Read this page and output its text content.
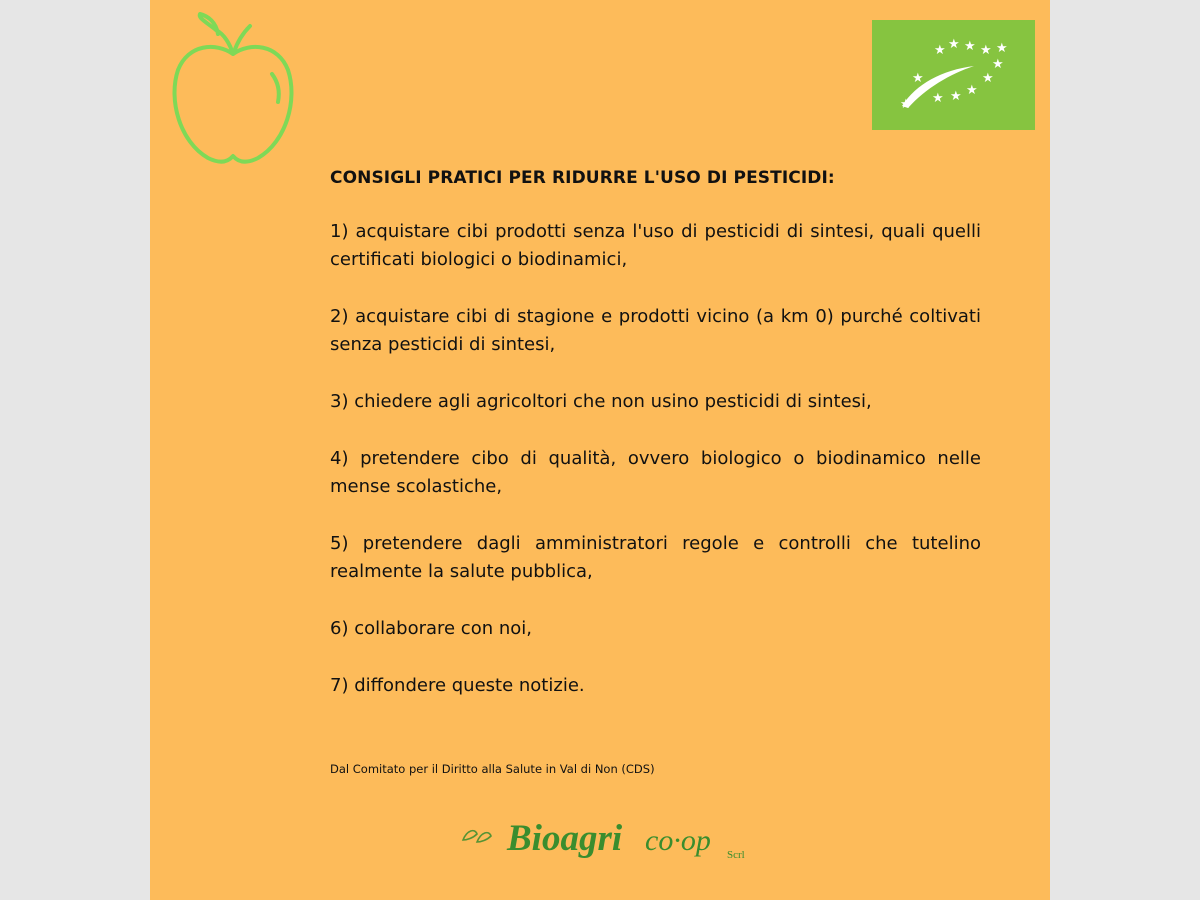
★ ★ ★ ★ ★
★
★
★
★
★
★
★

CONSIGLI PRATICI PER RIDURRE L'USO DI PESTICIDI:

1) acquistare cibi prodotti senza l'uso di pesticidi di sintesi, quali quelli certificati biologici o biodinamici,

2) acquistare cibi di stagione e prodotti vicino (a km 0) purché coltivati senza pesticidi di sintesi,

3) chiedere agli agricoltori che non usino pesticidi di sintesi,

4) pretendere cibo di qualità, ovvero biologico o biodinamico nelle mense scolastiche,

5) pretendere dagli amministratori regole e controlli che tutelino realmente la salute pubblica,

6) collaborare con noi,

7) diffondere queste notizie.

Dal Comitato per il Diritto alla Salute in Val di Non (CDS)
Bioagri co·op Scrl
